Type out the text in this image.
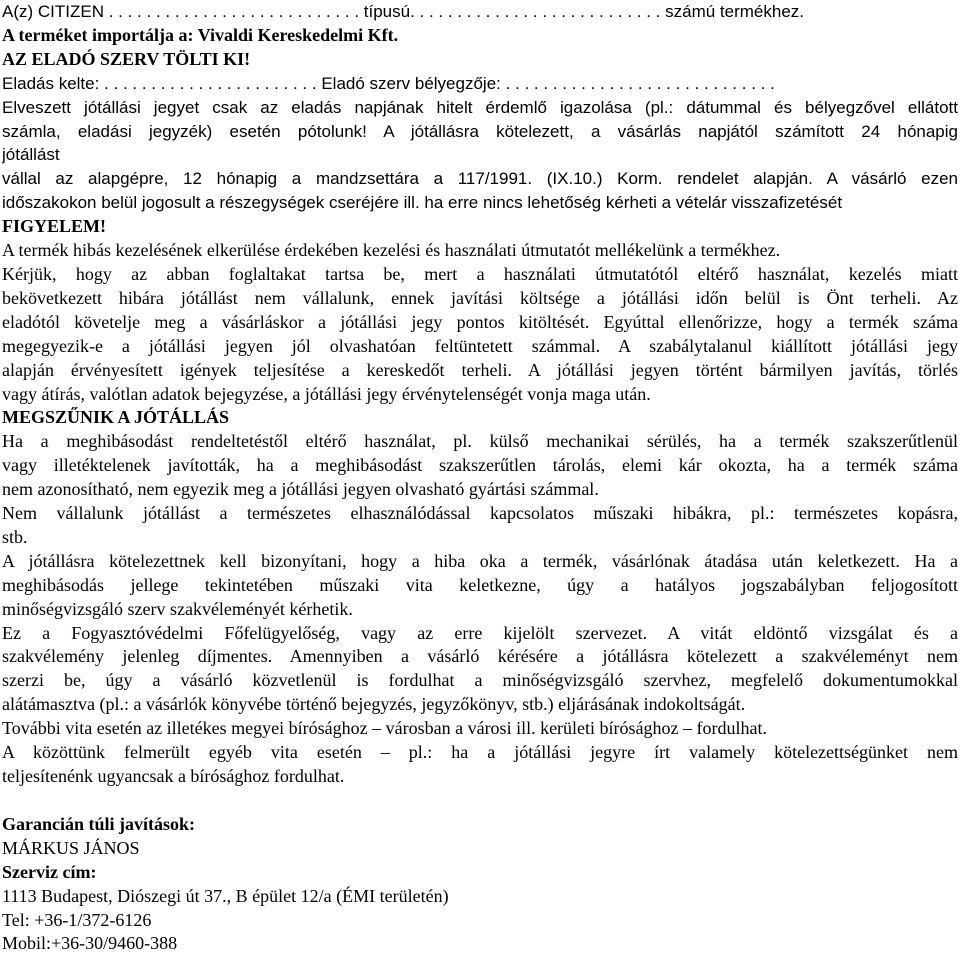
A(z) CITIZEN . . . . . . . . . . . . . . . . . . . . . . . . . . . típusú. . . . . . . . . . . . . . . . . . . . . . . . . . . számú termékhez.
A terméket importálja a: Vivaldi Kereskedelmi Kft.
AZ ELADÓ SZERV TÖLTI KI!
Eladás kelte: . . . . . . . . . . . . . . . . . . . . . . . Eladó szerv bélyegzője: . . . . . . . . . . . . . . . . . . . . . . . . . . . . .
Elveszett jótállási jegyet csak az eladás napjának hitelt érdemlő igazolása (pl.: dátummal és bélyegzővel ellátott
számla, eladási jegyzék) esetén pótolunk! A jótállásra kötelezett, a vásárlás napjától számított 24 hónapig
jótállást
vállal az alapgépre, 12 hónapig a mandzsettára a 117/1991. (IX.10.) Korm. rendelet alapján. A vásárló ezen
időszakokon belül jogosult a részegységek cseréjére ill. ha erre nincs lehetőség kérheti a vételár visszafizetését
FIGYELEM!
A termék hibás kezelésének elkerülése érdekében kezelési és használati útmutatót mellékelünk a termékhez.
Kérjük, hogy az abban foglaltakat tartsa be, mert a használati útmutatótól eltérő használat, kezelés miatt
bekövetkezett hibára jótállást nem vállalunk, ennek javítási költsége a jótállási időn belül is Önt terheli. Az
eladótól követelje meg a vásárláskor a jótállási jegy pontos kitöltését. Egyúttal ellenőrizze, hogy a termék száma
megegyezik-e a jótállási jegyen jól olvashatóan feltüntetett számmal. A szabálytalanul kiállított jótállási jegy
alapján érvényesített igények teljesítése a kereskedőt terheli. A jótállási jegyen történt bármilyen javítás, törlés
vagy átírás, valótlan adatok bejegyzése, a jótállási jegy érvénytelenségét vonja maga után.
MEGSZŰNIK A JÓTÁLLÁS
Ha a meghibásodást rendeltetéstől eltérő használat, pl. külső mechanikai sérülés, ha a termék szakszerűtlenül
vagy illetéktelenek javították, ha a meghibásodást szakszerűtlen tárolás, elemi kár okozta, ha a termék száma
nem azonosítható, nem egyezik meg a jótállási jegyen olvasható gyártási számmal.
Nem vállalunk jótállást a természetes elhasználódással kapcsolatos műszaki hibákra, pl.: természetes kopásra,
stb.
A jótállásra kötelezettnek kell bizonyítani, hogy a hiba oka a termék, vásárlónak átadása után keletkezett. Ha a
meghibásodás jellege tekintetében műszaki vita keletkezne, úgy a hatályos jogszabályban feljogosított
minőségvizsgáló szerv szakvéleményét kérhetik.
Ez a Fogyasztóvédelmi Főfelügyelőség, vagy az erre kijelölt szervezet. A vitát eldöntő vizsgálat és a
szakvélemény jelenleg díjmentes. Amennyiben a vásárló kérésére a jótállásra kötelezett a szakvéleményt nem
szerzi be, úgy a vásárló közvetlenül is fordulhat a minőségvizsgáló szervhez, megfelelő dokumentumokkal
alátámasztva (pl.: a vásárlók könyvébe történő bejegyzés, jegyzőkönyv, stb.) eljárásának indokoltságát.
További vita esetén az illetékes megyei bírósághoz – városban a városi ill. kerületi bírósághoz – fordulhat.
A közöttünk felmerült egyéb vita esetén – pl.: ha a jótállási jegyre írt valamely kötelezettségünket nem
teljesítenénk ugyancsak a bírósághoz fordulhat.
Garancián túli javítások:
MÁRKUS JÁNOS
Szerviz cím:
1113 Budapest, Diószegi út 37., B épület 12/a (ÉMI területén)
Tel: +36-1/372-6126
Mobil:+36-30/9460-388
